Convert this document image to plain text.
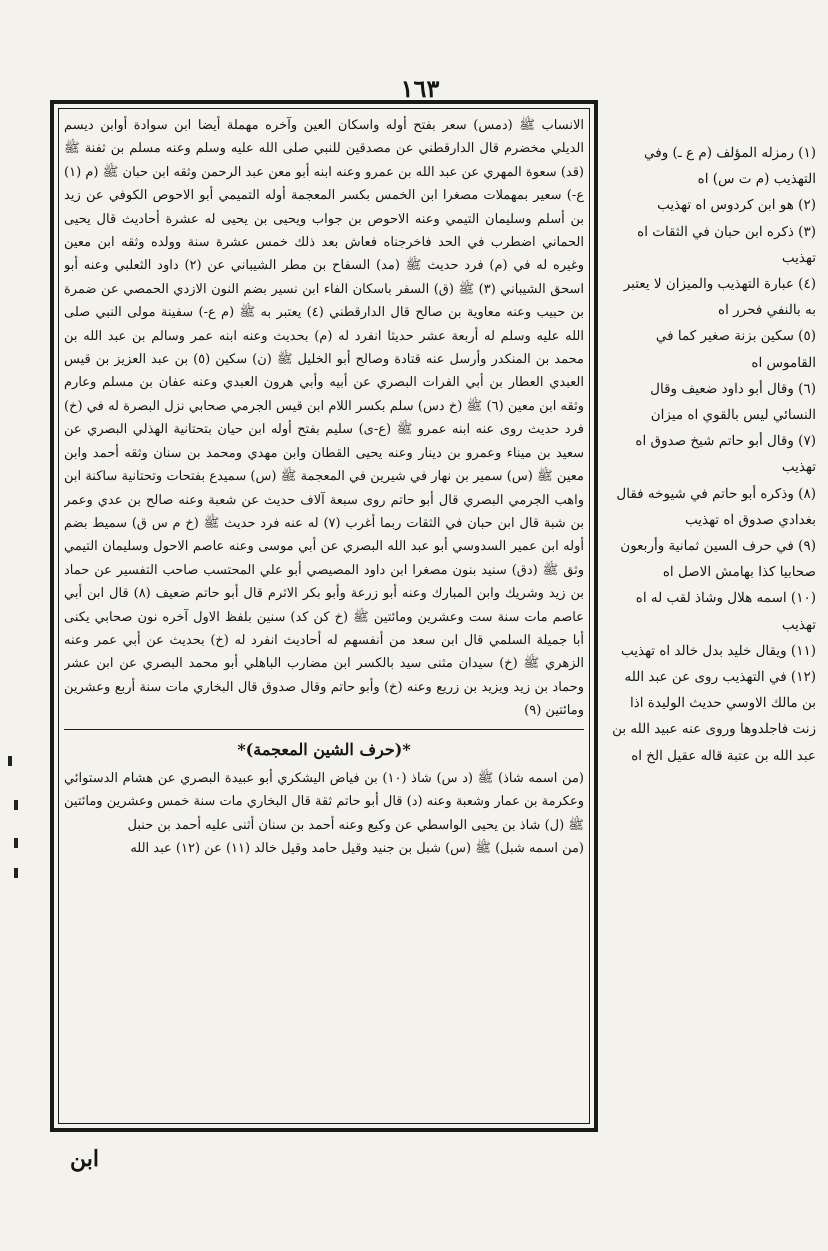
١٦٣

الانساب ﷺ (دمس) سعر بفتح أوله واسكان العين وآخره مهملة أيضا ابن سوادة أوابن ديسم الديلي مخضرم قال الدارقطني عن مصدقين للنبي صلى الله عليه وسلم وعنه مسلم بن ثفنة ﷺ (قد) سعوة المهري عن عبد الله بن عمرو وعنه ابنه أبو معن عبد الرحمن وثقه ابن حبان ﷺ (م (١) ع-) سعير بمهملات مصغرا ابن الخمس بكسر المعجمة أوله التميمي أبو الاحوص الكوفي عن زيد بن أسلم وسليمان التيمي وعنه الاحوص بن جواب ويحيى بن يحيى له عشرة أحاديث قال يحيى الحماني اضطرب في الحد فاخرجناه فعاش بعد ذلك خمس عشرة سنة وولده وثقه ابن معين وغيره له في (م) فرد حديث ﷺ (مد) السفاح بن مطر الشيباني عن (٢) داود الثعلبي وعنه أبو اسحق الشيباني (٣) ﷺ (ق) السفر باسكان الفاء ابن نسير بضم النون الازدي الحمصي عن ضمرة بن حبيب وعنه معاوية بن صالح قال الدارقطني (٤) يعتبر به ﷺ (م ع-) سفينة مولى النبي صلى الله عليه وسلم له أربعة عشر حديثا انفرد له (م) بحديث وعنه ابنه عمر وسالم بن عبد الله بن محمد بن المنكدر وأرسل عنه قتادة وصالح أبو الخليل ﷺ (ن) سكين (٥) بن عبد العزيز بن قيس العبدي العطار بن أبي الفرات البصري عن أبيه وأبي هرون العبدي وعنه عفان بن مسلم وعارم وثقه ابن معين (٦) ﷺ (خ دس) سلم بكسر اللام ابن قيس الجرمي صحابي نزل البصرة له في (خ) فرد حديث روى عنه ابنه عمرو ﷺ (ع-ى) سليم بفتح أوله ابن حيان بتحتانية الهذلي البصري عن سعيد بن ميناء وعمرو بن دينار وعنه يحيى القطان وابن مهدي ومحمد بن سنان وثقه أحمد وابن معين ﷺ (س) سمير بن نهار في شيرين في المعجمة ﷺ (س) سميدع بفتحات وتحتانية ساكنة ابن واهب الجرمي البصري قال أبو حاتم روى سبعة آلاف حديث عن شعبة وعنه صالح بن عدي وعمر بن شبة قال ابن حبان في الثقات ربما أغرب (٧) له عنه فرد حديث ﷺ (خ م س ق) سميط بضم أوله ابن عمير السدوسي أبو عبد الله البصري عن أبي موسى وعنه عاصم الاحول وسليمان التيمي وثق ﷺ (دق) سنيد بنون مصغرا ابن داود المصيصي أبو علي المحتسب صاحب التفسير عن حماد بن زيد وشريك وابن المبارك وعنه أبو زرعة وأبو بكر الاثرم قال أبو حاتم ضعيف (٨) قال ابن أبي عاصم مات سنة ست وعشرين ومائتين ﷺ (خ كن كد) سنين بلفظ الاول آخره نون صحابي يكنى أبا جميلة السلمي قال ابن سعد من أنفسهم له أحاديث انفرد له (خ) بحديث عن أبي عمر وعنه الزهري ﷺ (خ) سيدان مثنى سيد بالكسر ابن مضارب الباهلي أبو محمد البصري عن ابن عشر وحماد بن زيد ويزيد بن زريع وعنه (خ) وأبو حاتم وقال صدوق قال البخاري مات سنة أربع وعشرين ومائتين (٩)

*(حرف الشين المعجمة)*

(من اسمه شاذ) ﷺ (د س) شاذ (١٠) بن فياض اليشكري أبو عبيدة البصري عن هشام الدستوائي وعكرمة بن عمار وشعبة وعنه (د) قال أبو حاتم ثقة قال البخاري مات سنة خمس وعشرين ومائتين ﷺ (ل) شاذ بن يحيى الواسطي عن وكيع وعنه أحمد بن سنان أثنى عليه أحمد بن حنبل

(من اسمه شبل) ﷺ (س) شبل بن جنيد وقيل حامد وقيل خالد (١١) عن (١٢) عبد الله

(١) رمزله المؤلف (م ع ـ) وفي التهذيب (م ت س) اه

(٢) هو ابن كردوس اه تهذيب

(٣) ذكره ابن حبان في الثقات اه تهذيب

(٤) عبارة التهذيب والميزان لا يعتبر به بالنفي فحرر اه

(٥) سكين بزنة صغير كما في القاموس اه

(٦) وقال أبو داود ضعيف وقال النسائي ليس بالقوي اه ميزان

(٧) وقال أبو حاتم شيخ صدوق اه تهذيب

(٨) وذكره أبو حاتم في شيوخه فقال بغدادي صدوق اه تهذيب

(٩) في حرف السين ثمانية وأربعون صحابيا كذا بهامش الاصل اه

(١٠) اسمه هلال وشاذ لقب له اه تهذيب

(١١) ويقال خليد بدل خالد اه تهذيب

(١٢) في التهذيب روى عن عبد الله بن مالك الاوسي حديث الوليدة اذا زنت فاجلدوها وروى عنه عبيد الله بن عبد الله بن عتبة قاله عقيل الخ اه

ابن
